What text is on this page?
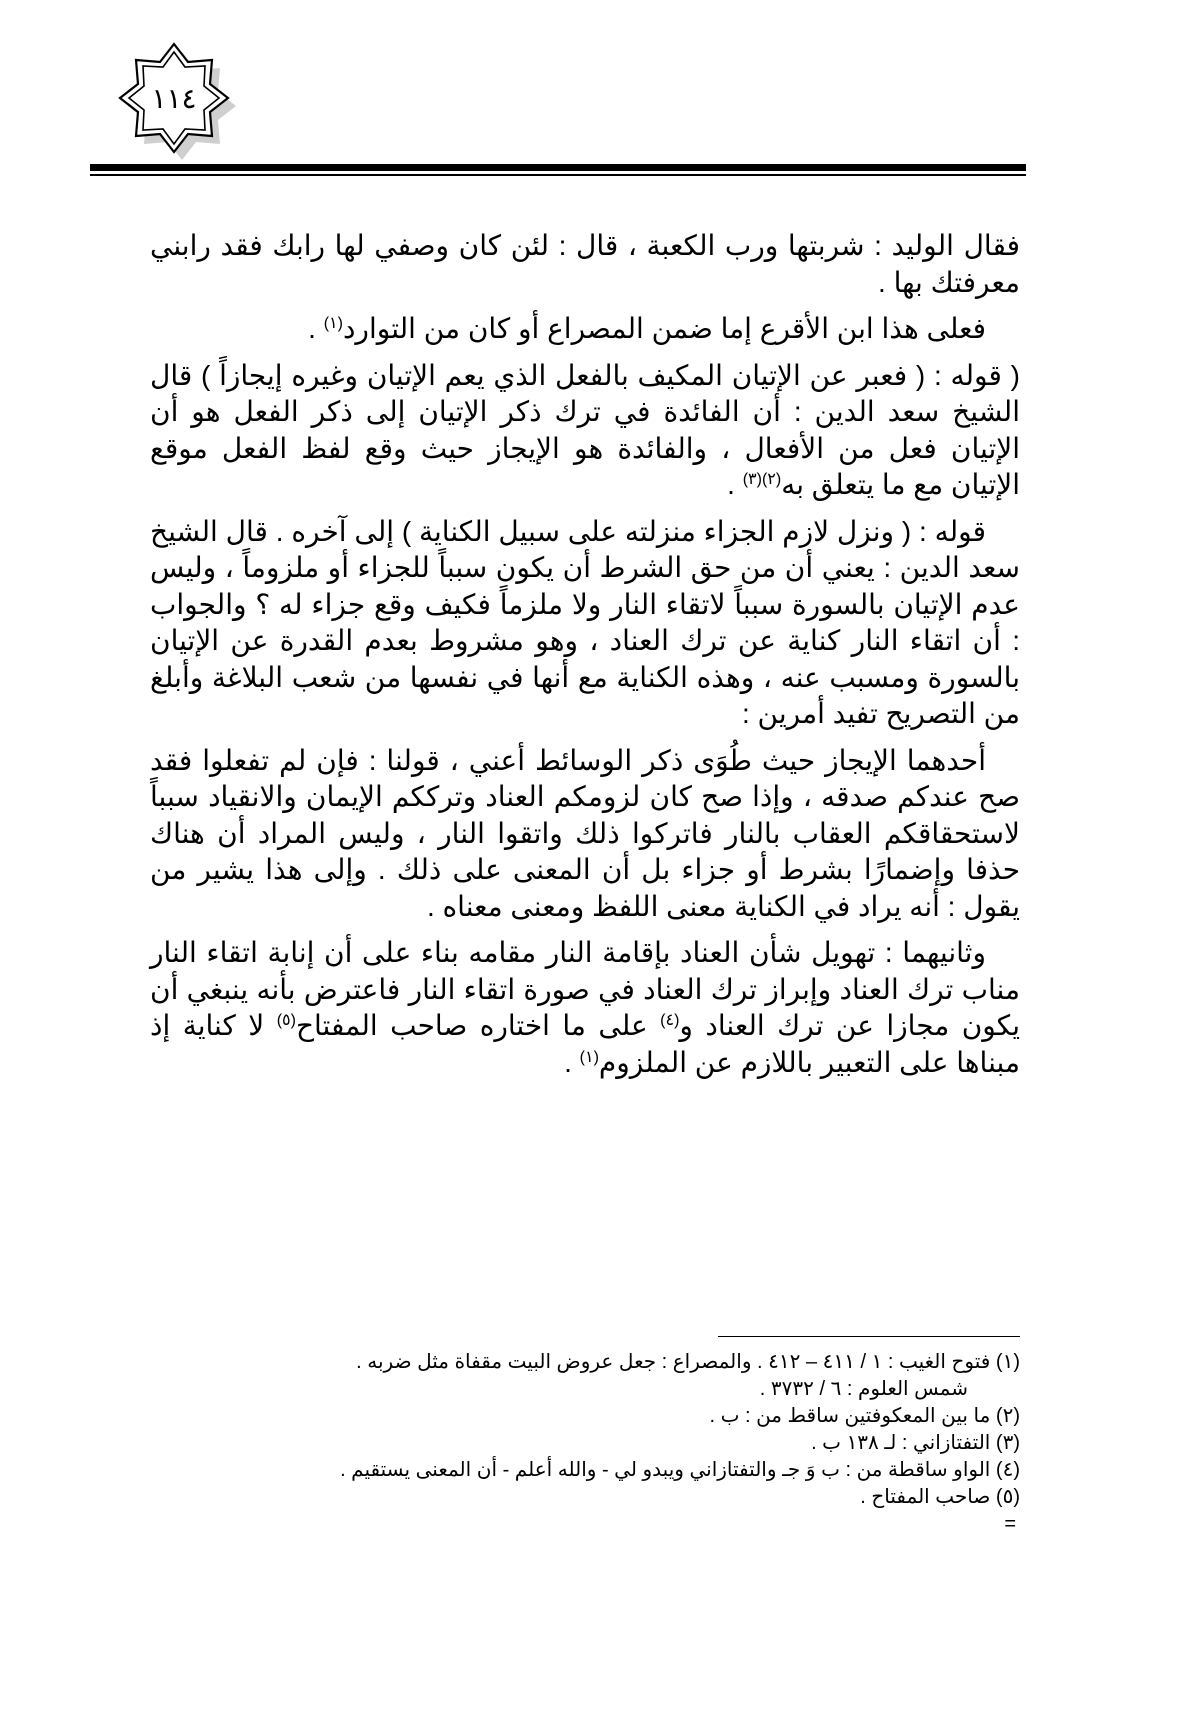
١١٤

فقال الوليد : شربتها ورب الكعبة ، قال : لئن كان وصفي لها رابك فقد رابني معرفتك بها .

فعلى هذا ابن الأقرع إما ضمن المصراع أو كان من التوارد$^{(١)}$ .

( قوله : ( فعبر عن الإتيان المكيف بالفعل الذي يعم الإتيان وغيره إيجازاً ) قال الشيخ سعد الدين : أن الفائدة في ترك ذكر الإتيان إلى ذكر الفعل هو أن الإتيان فعل من الأفعال ، والفائدة هو الإيجاز حيث وقع لفظ الفعل موقع الإتيان مع ما يتعلق به$^{(٢)(٣)}$ .

قوله : ( ونزل لازم الجزاء منزلته على سبيل الكناية ) إلى آخره . قال الشيخ سعد الدين : يعني أن من حق الشرط أن يكون سبباً للجزاء أو ملزوماً ، وليس عدم الإتيان بالسورة سبباً لاتقاء النار ولا ملزماً فكيف وقع جزاء له ؟ والجواب : أن اتقاء النار كناية عن ترك العناد ، وهو مشروط بعدم القدرة عن الإتيان بالسورة ومسبب عنه ، وهذه الكناية مع أنها في نفسها من شعب البلاغة وأبلغ من التصريح تفيد أمرين :

أحدهما الإيجاز حيث طُوَى ذكر الوسائط أعني ، قولنا : فإن لم تفعلوا فقد صح عندكم صدقه ، وإذا صح كان لزومكم العناد وترككم الإيمان والانقياد سبباً لاستحقاقكم العقاب بالنار فاتركوا ذلك واتقوا النار ، وليس المراد أن هناك حذفا وإضمارًا بشرط أو جزاء بل أن المعنى على ذلك . وإلى هذا يشير من يقول : أنه يراد في الكناية معنى اللفظ ومعنى معناه .

وثانيهما : تهويل شأن العناد بإقامة النار مقامه بناء على أن إنابة اتقاء النار مناب ترك العناد وإبراز ترك العناد في صورة اتقاء النار فاعترض بأنه ينبغي أن يكون مجازا عن ترك العناد و$^{(٤)}$ على ما اختاره صاحب المفتاح$^{(٥)}$ لا كناية إذ مبناها على التعبير باللازم عن الملزوم$^{(١)}$ .

(١) فتوح الغيب : ١ / ٤١١ – ٤١٢ . والمصراع : جعل عروض البيت مقفاة مثل ضربه .

شمس العلوم : ٦ / ٣٧٣٢ .

(٢) ما بين المعكوفتين ساقط من : ب .

(٣) التفتازاني : لـ ١٣٨ ب .

(٤) الواو ساقطة من : ب وَ جـ والتفتازاني ويبدو لي - والله أعلم - أن المعنى يستقيم .

(٥) صاحب المفتاح .

=
